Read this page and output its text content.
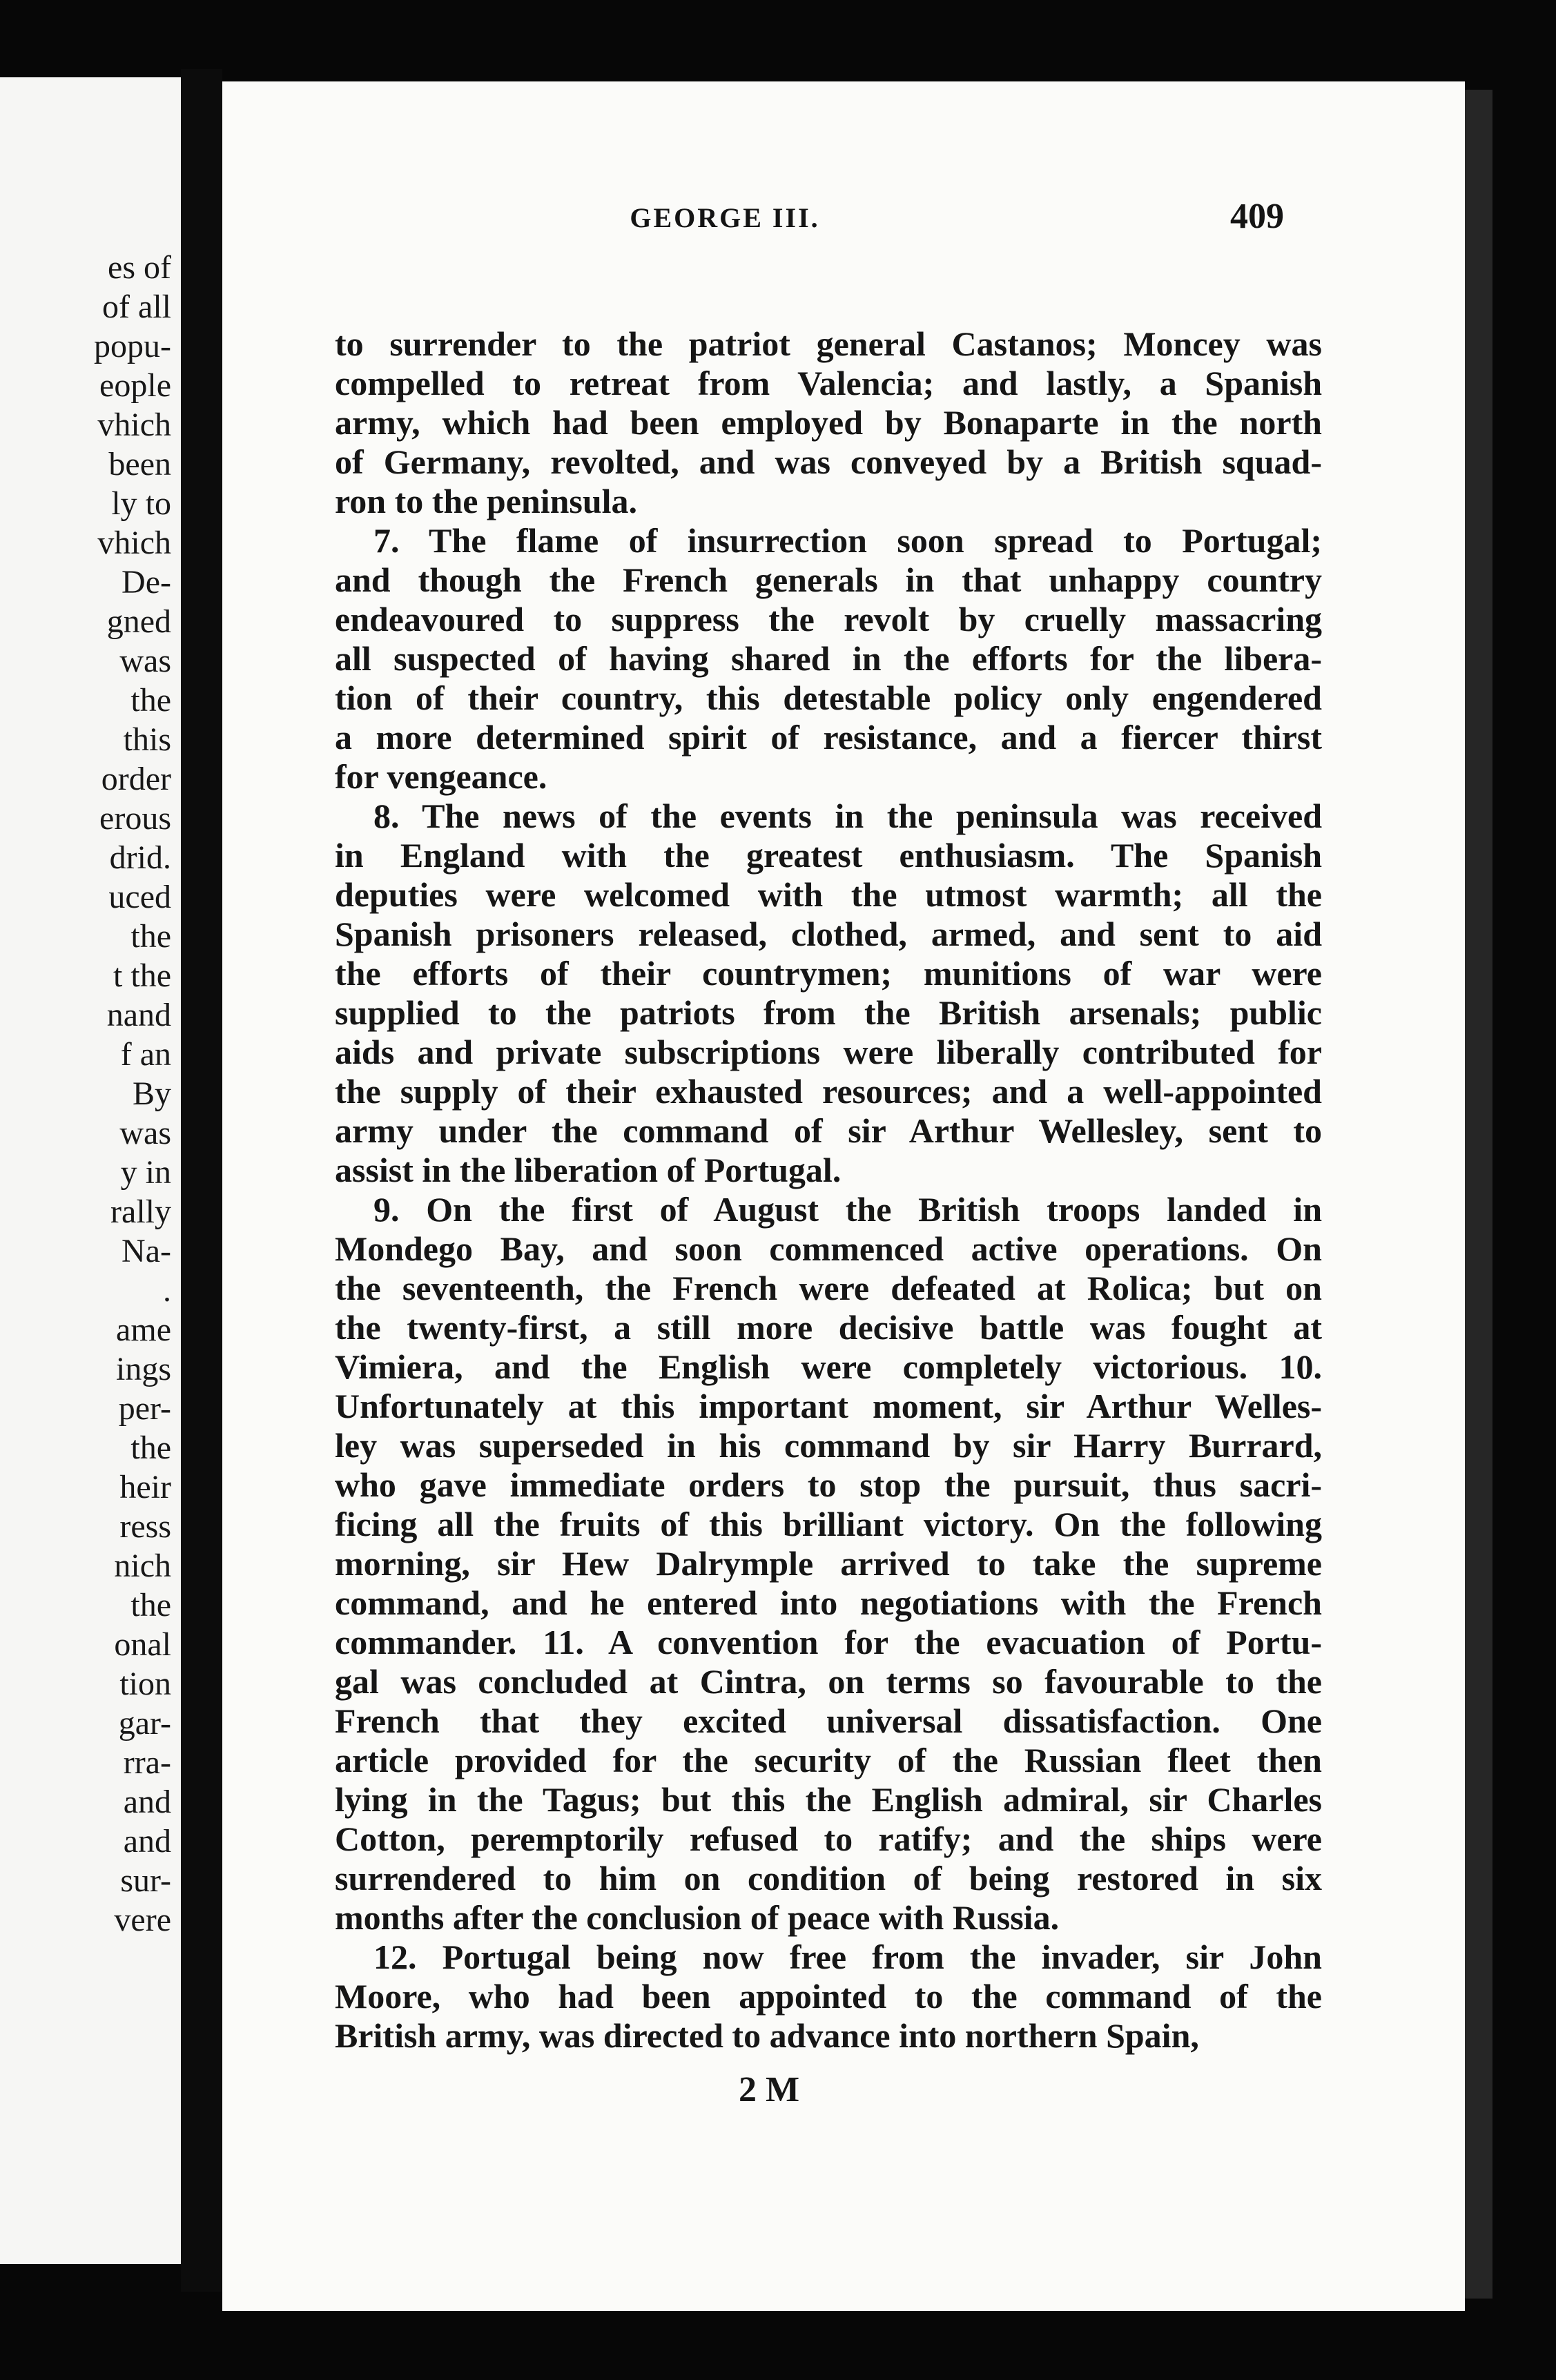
es of
of all
popu-
eople
vhich
been
ly to
vhich
De-
gned
was
the
this
order
erous
drid.
uced
the
t the
nand
f an
By
was
y in
rally
Na-
.
ame
ings
per-
the
heir
ress
nich
the
onal
tion
gar-
rra-
and
and
sur-
vere
GEORGE III.	409
to surrender to the patriot general Castanos; Moncey was
compelled to retreat from Valencia; and lastly, a Spanish
army, which had been employed by Bonaparte in the north
of Germany, revolted, and was conveyed by a British squad-
ron to the peninsula.
7. The flame of insurrection soon spread to Portugal;
and though the French generals in that unhappy country
endeavoured to suppress the revolt by cruelly massacring
all suspected of having shared in the efforts for the libera-
tion of their country, this detestable policy only engendered
a more determined spirit of resistance, and a fiercer thirst
for vengeance.
8. The news of the events in the peninsula was received
in England with the greatest enthusiasm. The Spanish
deputies were welcomed with the utmost warmth; all the
Spanish prisoners released, clothed, armed, and sent to aid
the efforts of their countrymen; munitions of war were
supplied to the patriots from the British arsenals; public
aids and private subscriptions were liberally contributed for
the supply of their exhausted resources; and a well-appointed
army under the command of sir Arthur Wellesley, sent to
assist in the liberation of Portugal.
9. On the first of August the British troops landed in
Mondego Bay, and soon commenced active operations. On
the seventeenth, the French were defeated at Rolica; but on
the twenty-first, a still more decisive battle was fought at
Vimiera, and the English were completely victorious. 10.
Unfortunately at this important moment, sir Arthur Welles-
ley was superseded in his command by sir Harry Burrard,
who gave immediate orders to stop the pursuit, thus sacri-
ficing all the fruits of this brilliant victory. On the following
morning, sir Hew Dalrymple arrived to take the supreme
command, and he entered into negotiations with the French
commander. 11. A convention for the evacuation of Portu-
gal was concluded at Cintra, on terms so favourable to the
French that they excited universal dissatisfaction. One
article provided for the security of the Russian fleet then
lying in the Tagus; but this the English admiral, sir Charles
Cotton, peremptorily refused to ratify; and the ships were
surrendered to him on condition of being restored in six
months after the conclusion of peace with Russia.
12. Portugal being now free from the invader, sir John
Moore, who had been appointed to the command of the
British army, was directed to advance into northern Spain,
2 M
